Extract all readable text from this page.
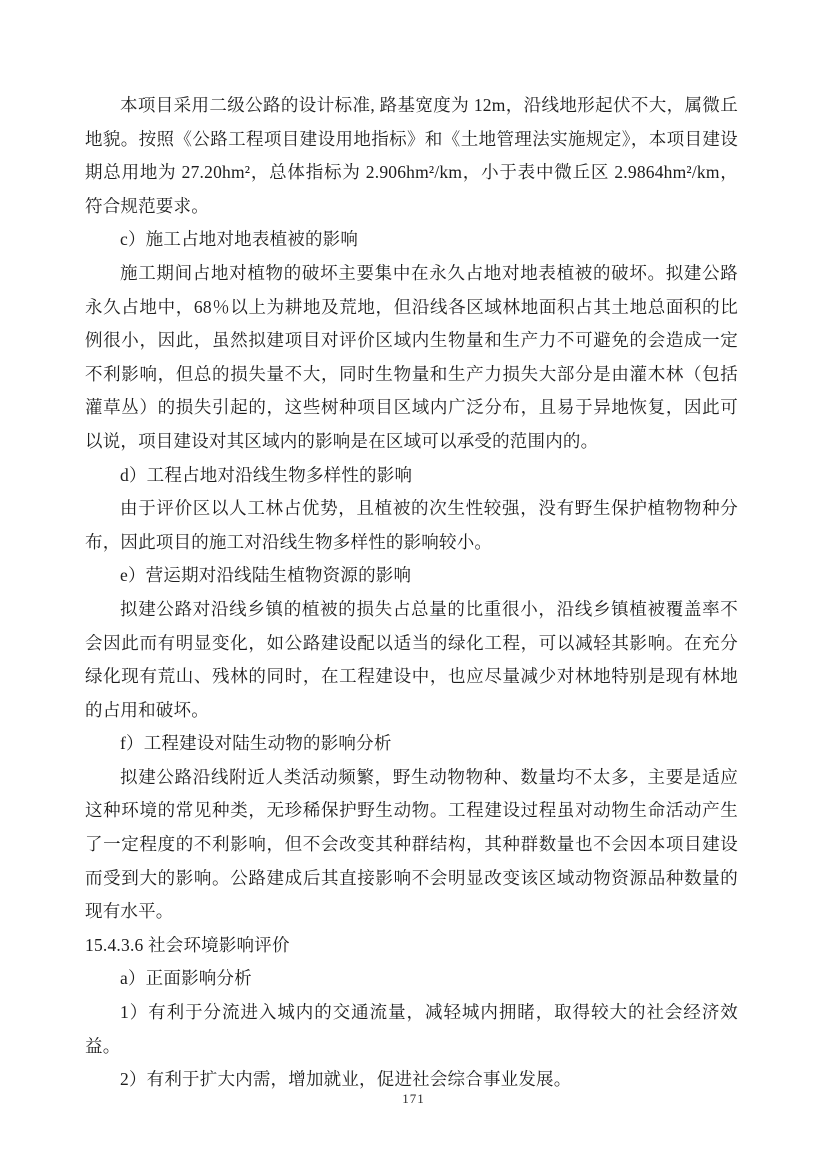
本项目采用二级公路的设计标准, 路基宽度为 12m，沿线地形起伏不大，属微丘地貌。按照《公路工程项目建设用地指标》和《土地管理法实施规定》，本项目建设期总用地为 27.20hm²，总体指标为 2.906hm²/km，小于表中微丘区 2.9864hm²/km，符合规范要求。

c）施工占地对地表植被的影响

施工期间占地对植物的破坏主要集中在永久占地对地表植被的破坏。拟建公路永久占地中，68％以上为耕地及荒地，但沿线各区域林地面积占其土地总面积的比例很小，因此，虽然拟建项目对评价区域内生物量和生产力不可避免的会造成一定不利影响，但总的损失量不大，同时生物量和生产力损失大部分是由灌木林（包括灌草丛）的损失引起的，这些树种项目区域内广泛分布，且易于异地恢复，因此可以说，项目建设对其区域内的影响是在区域可以承受的范围内的。

d）工程占地对沿线生物多样性的影响

由于评价区以人工林占优势，且植被的次生性较强，没有野生保护植物物种分布，因此项目的施工对沿线生物多样性的影响较小。

e）营运期对沿线陆生植物资源的影响

拟建公路对沿线乡镇的植被的损失占总量的比重很小，沿线乡镇植被覆盖率不会因此而有明显变化，如公路建设配以适当的绿化工程，可以减轻其影响。在充分绿化现有荒山、残林的同时，在工程建设中，也应尽量减少对林地特别是现有林地的占用和破坏。

f）工程建设对陆生动物的影响分析

拟建公路沿线附近人类活动频繁，野生动物物种、数量均不太多，主要是适应这种环境的常见种类，无珍稀保护野生动物。工程建设过程虽对动物生命活动产生了一定程度的不利影响，但不会改变其种群结构，其种群数量也不会因本项目建设而受到大的影响。公路建成后其直接影响不会明显改变该区域动物资源品种数量的现有水平。

15.4.3.6 社会环境影响评价

a）正面影响分析

1）有利于分流进入城内的交通流量，减轻城内拥睹，取得较大的社会经济效益。

2）有利于扩大内需，增加就业，促进社会综合事业发展。

171
